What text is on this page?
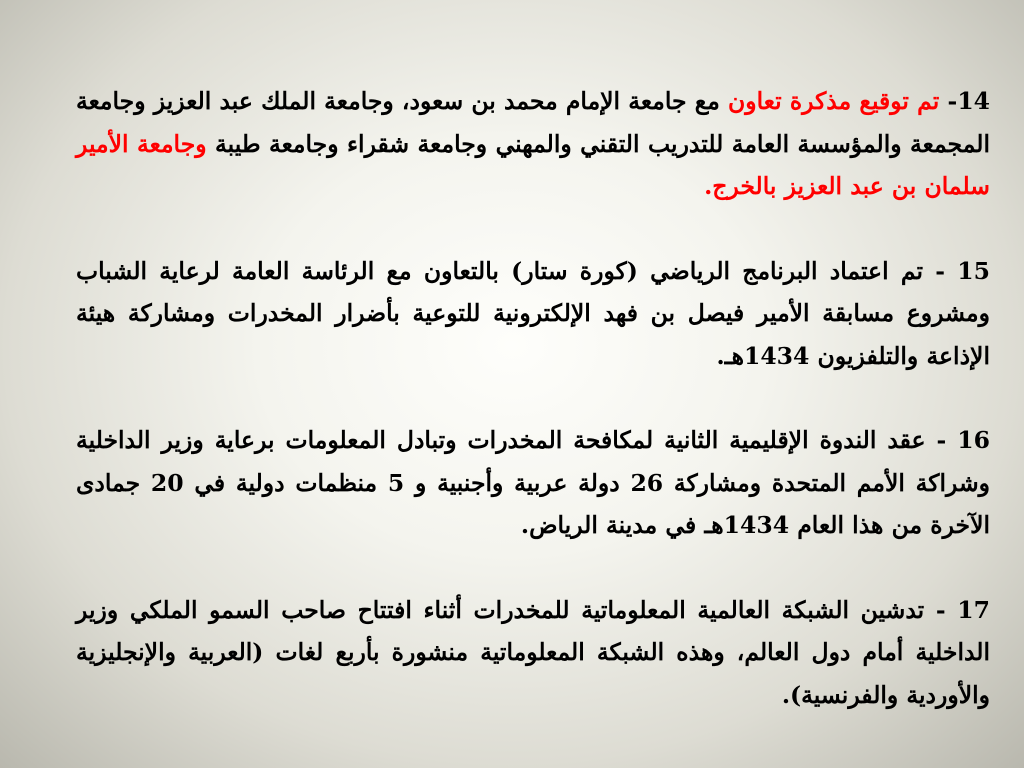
14- تم توقيع مذكرة تعاون مع جامعة الإمام محمد بن سعود، وجامعة الملك عبد العزيز وجامعة المجمعة والمؤسسة العامة للتدريب التقني والمهني وجامعة شقراء وجامعة طيبة وجامعة الأمير سلمان بن عبد العزيز بالخرج.

15 - تم اعتماد البرنامج الرياضي (كورة ستار) بالتعاون مع الرئاسة العامة لرعاية الشباب ومشروع مسابقة الأمير فيصل بن فهد الإلكترونية للتوعية بأضرار المخدرات ومشاركة هيئة الإذاعة والتلفزيون 1434هـ.

16 - عقد الندوة الإقليمية الثانية لمكافحة المخدرات وتبادل المعلومات برعاية وزير الداخلية وشراكة الأمم المتحدة ومشاركة 26 دولة عربية وأجنبية و 5 منظمات دولية في 20 جمادى الآخرة من هذا العام 1434هـ في مدينة الرياض.

17 - تدشين الشبكة العالمية المعلوماتية للمخدرات أثناء افتتاح صاحب السمو الملكي وزير الداخلية أمام دول العالم، وهذه الشبكة المعلوماتية منشورة بأربع لغات (العربية والإنجليزية والأوردية والفرنسية).
